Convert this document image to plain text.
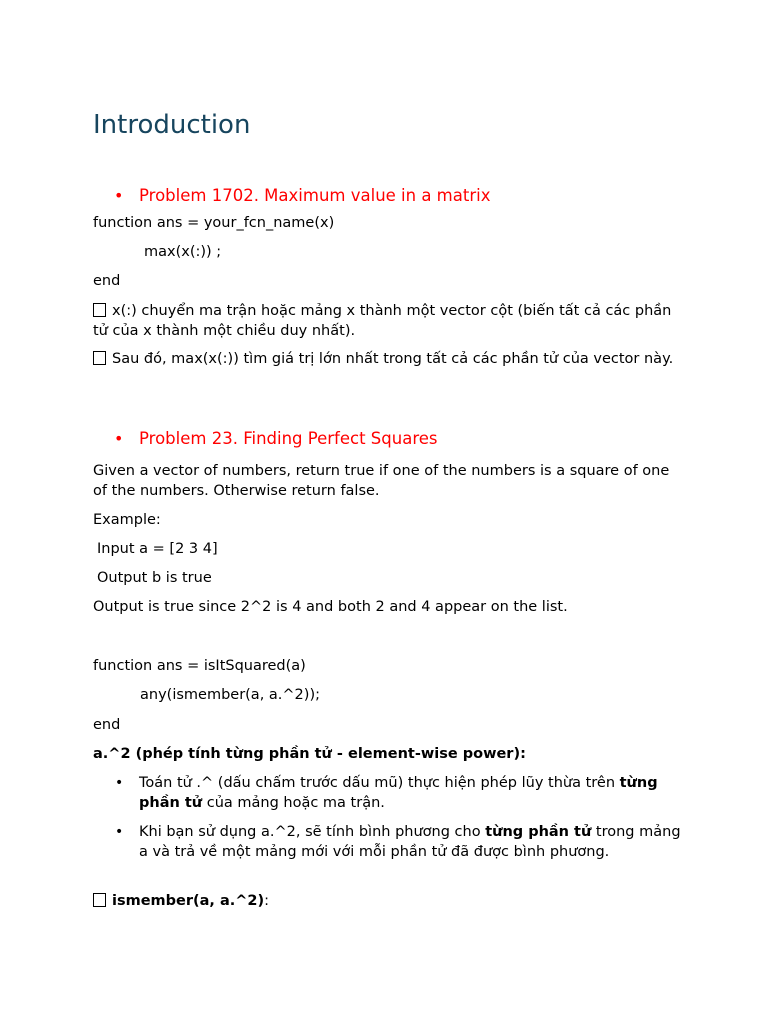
Introduction
• Problem 1702. Maximum value in a matrix
function ans = your_fcn_name(x)
max(x(:)) ;
end
x(:) chuyển ma trận hoặc mảng x thành một vector cột (biến tất cả các phần tử của x thành một chiều duy nhất).
Sau đó, max(x(:)) tìm giá trị lớn nhất trong tất cả các phần tử của vector này.
• Problem 23. Finding Perfect Squares
Given a vector of numbers, return true if one of the numbers is a square of one of the numbers. Otherwise return false.
Example:
Input a = [2 3 4]
Output b is true
Output is true since 2^2 is 4 and both 2 and 4 appear on the list.
function ans = isItSquared(a)
any(ismember(a, a.^2));
end
a.^2 (phép tính từng phần tử - element-wise power):
• Toán tử .^ (dấu chấm trước dấu mũ) thực hiện phép lũy thừa trên từng phần tử của mảng hoặc ma trận.
• Khi bạn sử dụng a.^2, sẽ tính bình phương cho từng phần tử trong mảng a và trả về một mảng mới với mỗi phần tử đã được bình phương.
ismember(a, a.^2):
